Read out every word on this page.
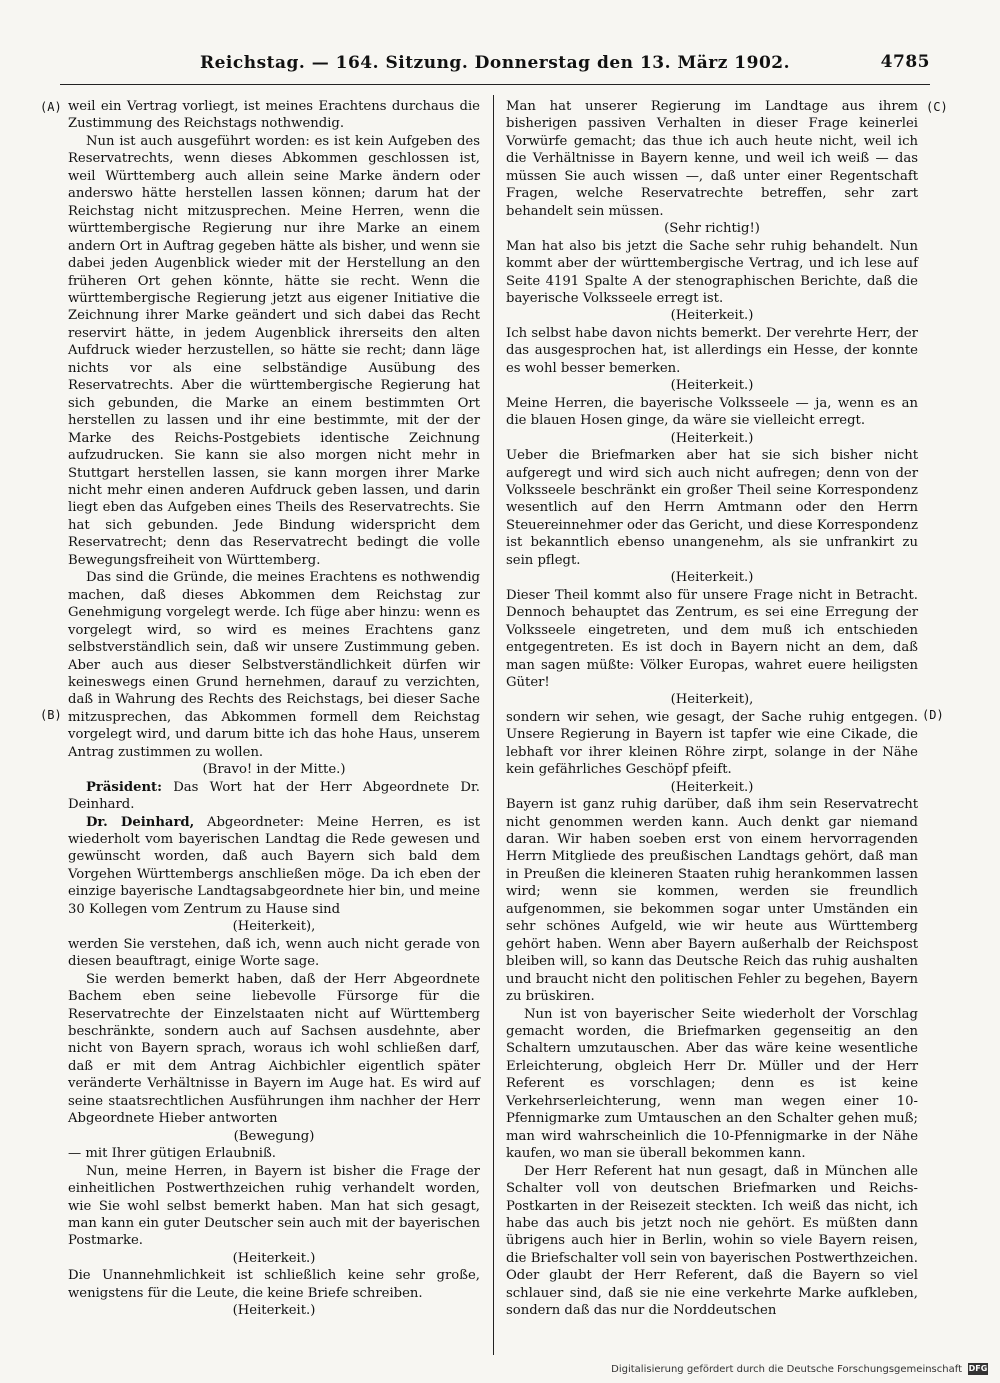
Reichstag. — 164. Sitzung. Donnerstag den 13. März 1902.	4785
(A)
(B)
(C)
(D)

weil ein Vertrag vorliegt, ist meines Erachtens durchaus die Zustimmung des Reichstags nothwendig.

Nun ist auch ausgeführt worden: es ist kein Aufgeben des Reservatrechts, wenn dieses Abkommen geschlossen ist, weil Württemberg auch allein seine Marke ändern oder anderswo hätte herstellen lassen können; darum hat der Reichstag nicht mitzusprechen. Meine Herren, wenn die württembergische Regierung nur ihre Marke an einem andern Ort in Auftrag gegeben hätte als bisher, und wenn sie dabei jeden Augenblick wieder mit der Herstellung an den früheren Ort gehen könnte, hätte sie recht. Wenn die württembergische Regierung jetzt aus eigener Initiative die Zeichnung ihrer Marke geändert und sich dabei das Recht reservirt hätte, in jedem Augenblick ihrerseits den alten Aufdruck wieder herzustellen, so hätte sie recht; dann läge nichts vor als eine selbständige Ausübung des Reservatrechts. Aber die württembergische Regierung hat sich gebunden, die Marke an einem bestimmten Ort herstellen zu lassen und ihr eine bestimmte, mit der der Marke des Reichs-Postgebiets identische Zeichnung aufzudrucken. Sie kann sie also morgen nicht mehr in Stuttgart herstellen lassen, sie kann morgen ihrer Marke nicht mehr einen anderen Aufdruck geben lassen, und darin liegt eben das Aufgeben eines Theils des Reservatrechts. Sie hat sich gebunden. Jede Bindung widerspricht dem Reservatrecht; denn das Reservatrecht bedingt die volle Bewegungsfreiheit von Württemberg.

Das sind die Gründe, die meines Erachtens es nothwendig machen, daß dieses Abkommen dem Reichstag zur Genehmigung vorgelegt werde. Ich füge aber hinzu: wenn es vorgelegt wird, so wird es meines Erachtens ganz selbstverständlich sein, daß wir unsere Zustimmung geben. Aber auch aus dieser Selbstverständlichkeit dürfen wir keineswegs einen Grund hernehmen, darauf zu verzichten, daß in Wahrung des Rechts des Reichstags, bei dieser Sache mitzusprechen, das Abkommen formell dem Reichstag vorgelegt wird, und darum bitte ich das hohe Haus, unserem Antrag zustimmen zu wollen.

(Bravo! in der Mitte.)

Präsident: Das Wort hat der Herr Abgeordnete Dr. Deinhard.

Dr. Deinhard, Abgeordneter: Meine Herren, es ist wiederholt vom bayerischen Landtag die Rede gewesen und gewünscht worden, daß auch Bayern sich bald dem Vorgehen Württembergs anschließen möge. Da ich eben der einzige bayerische Landtagsabgeordnete hier bin, und meine 30 Kollegen vom Zentrum zu Hause sind

(Heiterkeit),

werden Sie verstehen, daß ich, wenn auch nicht gerade von diesen beauftragt, einige Worte sage.

Sie werden bemerkt haben, daß der Herr Abgeordnete Bachem eben seine liebevolle Fürsorge für die Reservatrechte der Einzelstaaten nicht auf Württemberg beschränkte, sondern auch auf Sachsen ausdehnte, aber nicht von Bayern sprach, woraus ich wohl schließen darf, daß er mit dem Antrag Aichbichler eigentlich später veränderte Verhältnisse in Bayern im Auge hat. Es wird auf seine staatsrechtlichen Ausführungen ihm nachher der Herr Abgeordnete Hieber antworten

(Bewegung)

— mit Ihrer gütigen Erlaubniß.

Nun, meine Herren, in Bayern ist bisher die Frage der einheitlichen Postwerthzeichen ruhig verhandelt worden, wie Sie wohl selbst bemerkt haben. Man hat sich gesagt, man kann ein guter Deutscher sein auch mit der bayerischen Postmarke.

(Heiterkeit.)

Die Unannehmlichkeit ist schließlich keine sehr große, wenigstens für die Leute, die keine Briefe schreiben.

(Heiterkeit.)

Man hat unserer Regierung im Landtage aus ihrem bisherigen passiven Verhalten in dieser Frage keinerlei Vorwürfe gemacht; das thue ich auch heute nicht, weil ich die Verhältnisse in Bayern kenne, und weil ich weiß — das müssen Sie auch wissen —, daß unter einer Regentschaft Fragen, welche Reservatrechte betreffen, sehr zart behandelt sein müssen.

(Sehr richtig!)

Man hat also bis jetzt die Sache sehr ruhig behandelt. Nun kommt aber der württembergische Vertrag, und ich lese auf Seite 4191 Spalte A der stenographischen Berichte, daß die bayerische Volksseele erregt ist.

(Heiterkeit.)

Ich selbst habe davon nichts bemerkt. Der verehrte Herr, der das ausgesprochen hat, ist allerdings ein Hesse, der konnte es wohl besser bemerken.

(Heiterkeit.)

Meine Herren, die bayerische Volksseele — ja, wenn es an die blauen Hosen ginge, da wäre sie vielleicht erregt.

(Heiterkeit.)

Ueber die Briefmarken aber hat sie sich bisher nicht aufgeregt und wird sich auch nicht aufregen; denn von der Volksseele beschränkt ein großer Theil seine Korrespondenz wesentlich auf den Herrn Amtmann oder den Herrn Steuereinnehmer oder das Gericht, und diese Korrespondenz ist bekanntlich ebenso unangenehm, als sie unfrankirt zu sein pflegt.

(Heiterkeit.)

Dieser Theil kommt also für unsere Frage nicht in Betracht. Dennoch behauptet das Zentrum, es sei eine Erregung der Volksseele eingetreten, und dem muß ich entschieden entgegentreten. Es ist doch in Bayern nicht an dem, daß man sagen müßte: Völker Europas, wahret euere heiligsten Güter!

(Heiterkeit),

sondern wir sehen, wie gesagt, der Sache ruhig entgegen. Unsere Regierung in Bayern ist tapfer wie eine Cikade, die lebhaft vor ihrer kleinen Röhre zirpt, solange in der Nähe kein gefährliches Geschöpf pfeift.

(Heiterkeit.)

Bayern ist ganz ruhig darüber, daß ihm sein Reservatrecht nicht genommen werden kann. Auch denkt gar niemand daran. Wir haben soeben erst von einem hervorragenden Herrn Mitgliede des preußischen Landtags gehört, daß man in Preußen die kleineren Staaten ruhig herankommen lassen wird; wenn sie kommen, werden sie freundlich aufgenommen, sie bekommen sogar unter Umständen ein sehr schönes Aufgeld, wie wir heute aus Württemberg gehört haben. Wenn aber Bayern außerhalb der Reichspost bleiben will, so kann das Deutsche Reich das ruhig aushalten und braucht nicht den politischen Fehler zu begehen, Bayern zu brüskiren.

Nun ist von bayerischer Seite wiederholt der Vorschlag gemacht worden, die Briefmarken gegenseitig an den Schaltern umzutauschen. Aber das wäre keine wesentliche Erleichterung, obgleich Herr Dr. Müller und der Herr Referent es vorschlagen; denn es ist keine Verkehrserleichterung, wenn man wegen einer 10-Pfennigmarke zum Umtauschen an den Schalter gehen muß; man wird wahrscheinlich die 10-Pfennigmarke in der Nähe kaufen, wo man sie überall bekommen kann.

Der Herr Referent hat nun gesagt, daß in München alle Schalter voll von deutschen Briefmarken und Reichs-Postkarten in der Reisezeit steckten. Ich weiß das nicht, ich habe das auch bis jetzt noch nie gehört. Es müßten dann übrigens auch hier in Berlin, wohin so viele Bayern reisen, die Briefschalter voll sein von bayerischen Postwerthzeichen. Oder glaubt der Herr Referent, daß die Bayern so viel schlauer sind, daß sie nie eine verkehrte Marke aufkleben, sondern daß das nur die Norddeutschen

Digitalisierung gefördert durch die Deutsche Forschungsgemeinschaft DFG
